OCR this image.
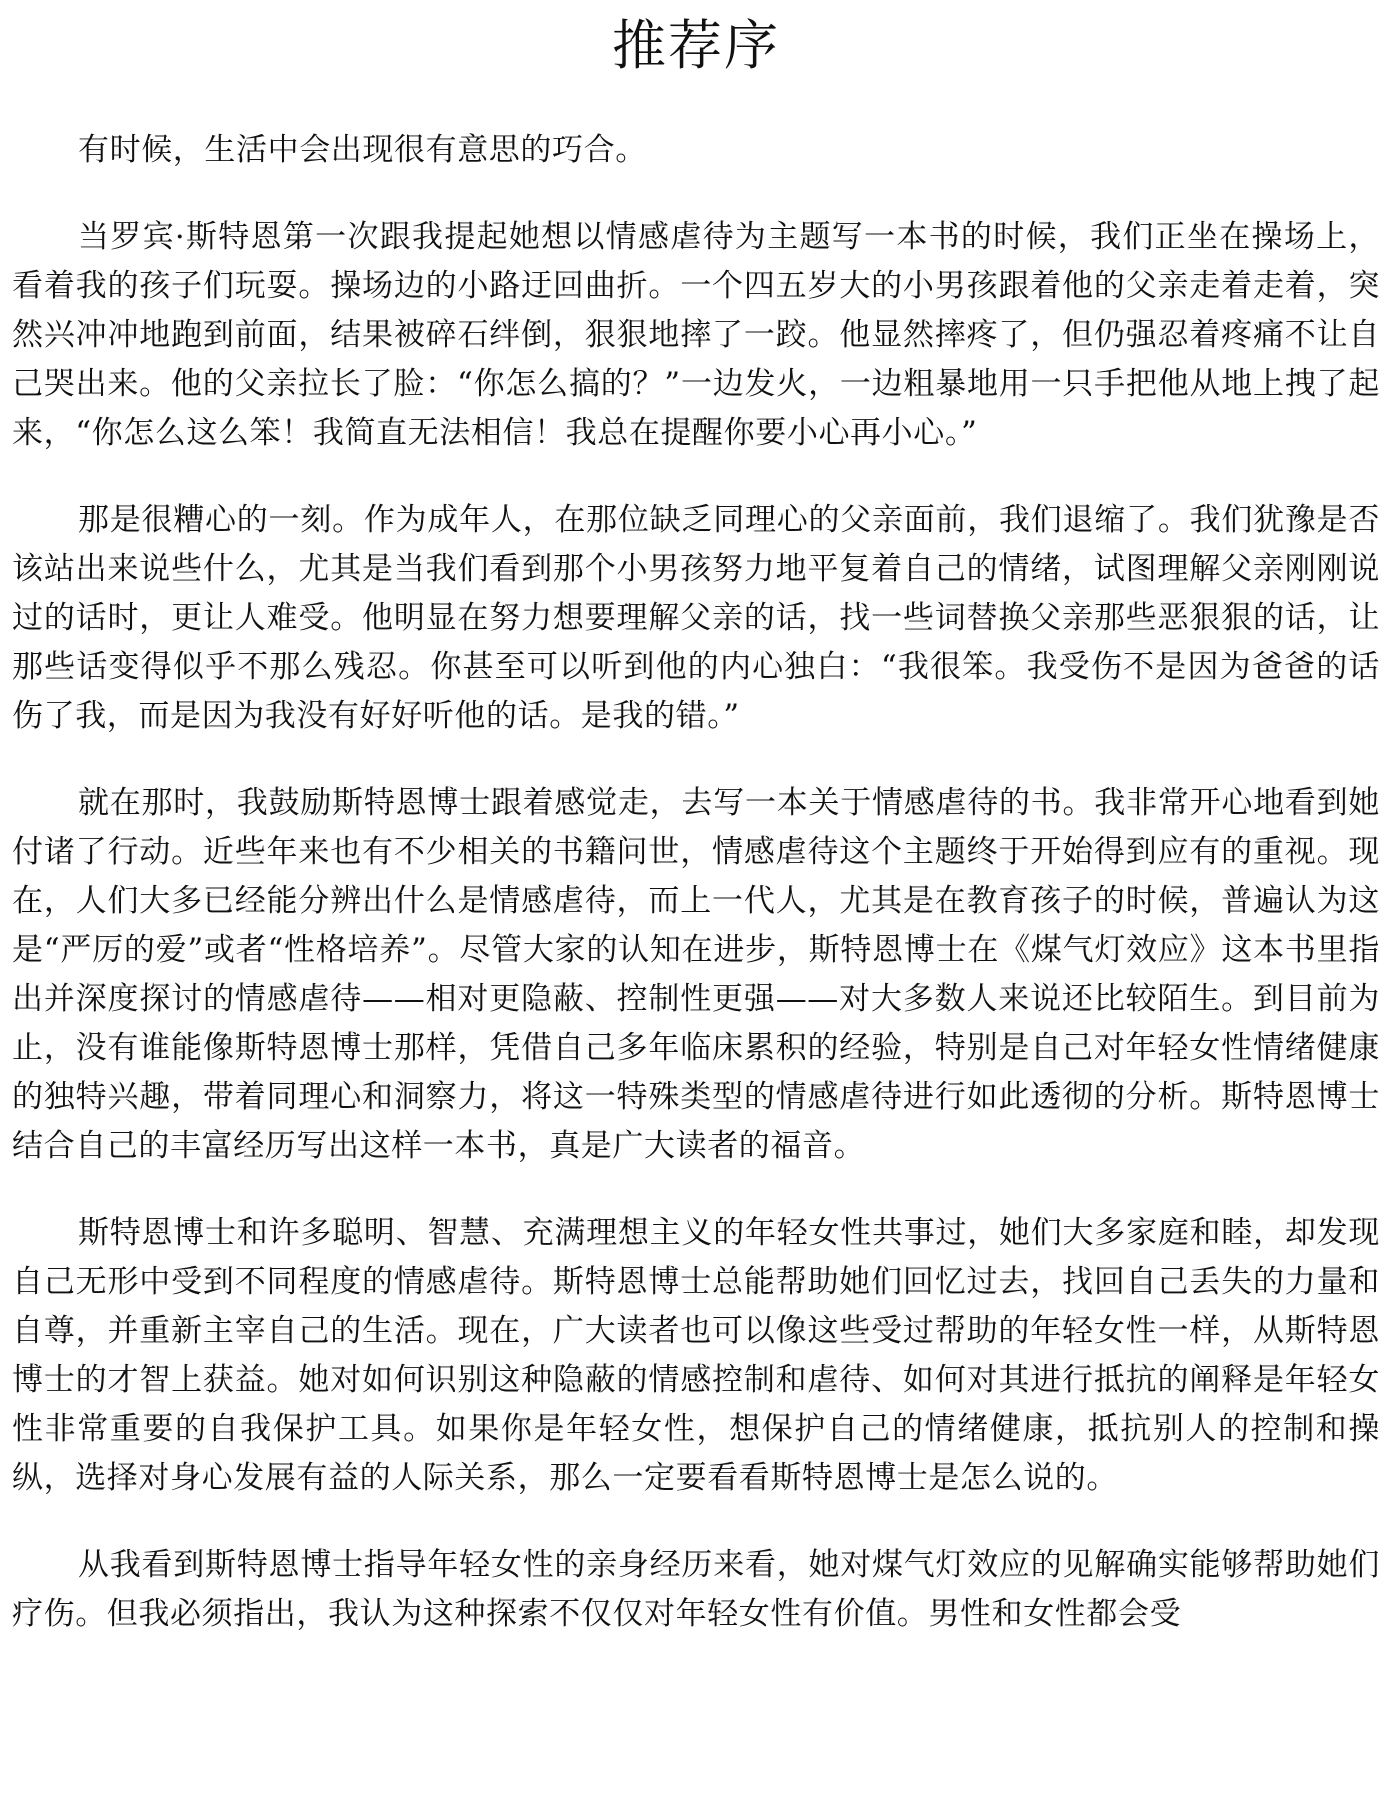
推荐序

有时候，生活中会出现很有意思的巧合。

当罗宾·斯特恩第一次跟我提起她想以情感虐待为主题写一本书的时候，我们正坐在操场上，看着我的孩子们玩耍。操场边的小路迂回曲折。一个四五岁大的小男孩跟着他的父亲走着走着，突然兴冲冲地跑到前面，结果被碎石绊倒，狠狠地摔了一跤。他显然摔疼了，但仍强忍着疼痛不让自己哭出来。他的父亲拉长了脸：“你怎么搞的？”一边发火，一边粗暴地用一只手把他从地上拽了起来，“你怎么这么笨！我简直无法相信！我总在提醒你要小心再小心。”

那是很糟心的一刻。作为成年人，在那位缺乏同理心的父亲面前，我们退缩了。我们犹豫是否该站出来说些什么，尤其是当我们看到那个小男孩努力地平复着自己的情绪，试图理解父亲刚刚说过的话时，更让人难受。他明显在努力想要理解父亲的话，找一些词替换父亲那些恶狠狠的话，让那些话变得似乎不那么残忍。你甚至可以听到他的内心独白：“我很笨。我受伤不是因为爸爸的话伤了我，而是因为我没有好好听他的话。是我的错。”

就在那时，我鼓励斯特恩博士跟着感觉走，去写一本关于情感虐待的书。我非常开心地看到她付诸了行动。近些年来也有不少相关的书籍问世，情感虐待这个主题终于开始得到应有的重视。现在，人们大多已经能分辨出什么是情感虐待，而上一代人，尤其是在教育孩子的时候，普遍认为这是“严厉的爱”或者“性格培养”。尽管大家的认知在进步，斯特恩博士在《煤气灯效应》这本书里指出并深度探讨的情感虐待——相对更隐蔽、控制性更强——对大多数人来说还比较陌生。到目前为止，没有谁能像斯特恩博士那样，凭借自己多年临床累积的经验，特别是自己对年轻女性情绪健康的独特兴趣，带着同理心和洞察力，将这一特殊类型的情感虐待进行如此透彻的分析。斯特恩博士结合自己的丰富经历写出这样一本书，真是广大读者的福音。

斯特恩博士和许多聪明、智慧、充满理想主义的年轻女性共事过，她们大多家庭和睦，却发现自己无形中受到不同程度的情感虐待。斯特恩博士总能帮助她们回忆过去，找回自己丢失的力量和自尊，并重新主宰自己的生活。现在，广大读者也可以像这些受过帮助的年轻女性一样，从斯特恩博士的才智上获益。她对如何识别这种隐蔽的情感控制和虐待、如何对其进行抵抗的阐释是年轻女性非常重要的自我保护工具。如果你是年轻女性，想保护自己的情绪健康，抵抗别人的控制和操纵，选择对身心发展有益的人际关系，那么一定要看看斯特恩博士是怎么说的。

从我看到斯特恩博士指导年轻女性的亲身经历来看，她对煤气灯效应的见解确实能够帮助她们疗伤。但我必须指出，我认为这种探索不仅仅对年轻女性有价值。男性和女性都会受
